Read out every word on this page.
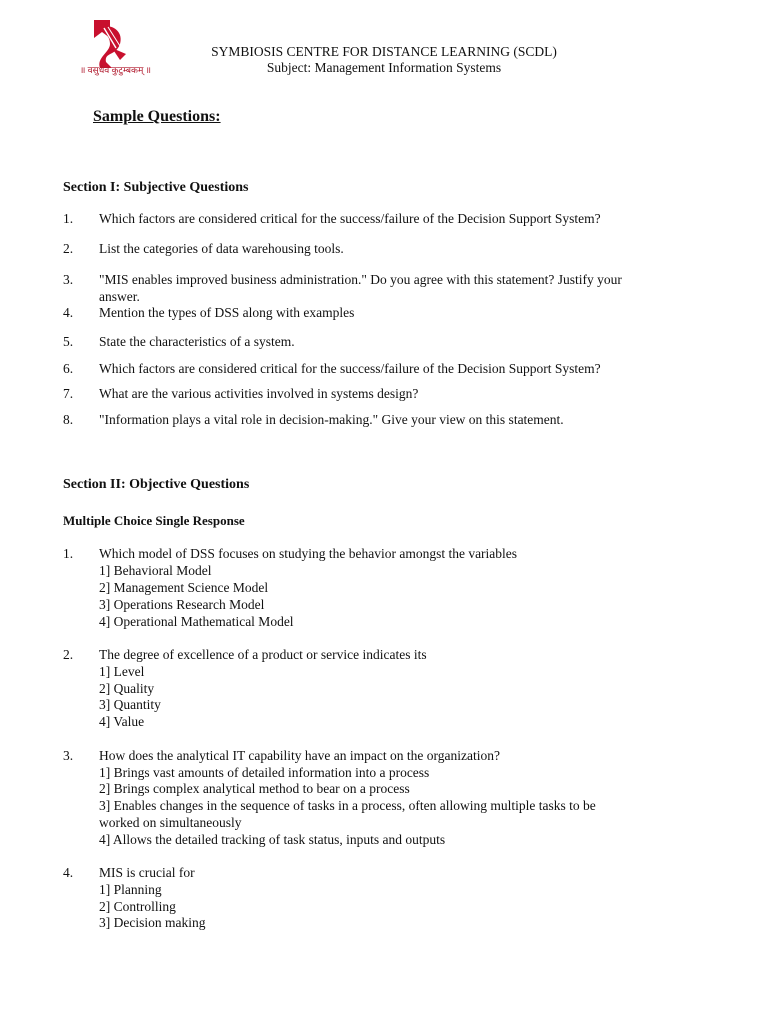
॥ वसुधैव कुटुम्बकम् ॥
SYMBIOSIS CENTRE FOR DISTANCE LEARNING (SCDL)
Subject: Management Information Systems
Sample Questions:
Section I: Subjective Questions
1. Which factors are considered critical for the success/failure of the Decision Support System?
2. List the categories of data warehousing tools.
3. "MIS enables improved business administration." Do you agree with this statement? Justify your
answer.
4. Mention the types of DSS along with examples
5. State the characteristics of a system.
6. Which factors are considered critical for the success/failure of the Decision Support System?
7. What are the various activities involved in systems design?
8. "Information plays a vital role in decision-making." Give your view on this statement.
Section II: Objective Questions
Multiple Choice Single Response
1. Which model of DSS focuses on studying the behavior amongst the variables
1] Behavioral Model
2] Management Science Model
3] Operations Research Model
4] Operational Mathematical Model
2. The degree of excellence of a product or service indicates its
1] Level
2] Quality
3] Quantity
4] Value
3. How does the analytical IT capability have an impact on the organization?
1] Brings vast amounts of detailed information into a process
2] Brings complex analytical method to bear on a process
3] Enables changes in the sequence of tasks in a process, often allowing multiple tasks to be
worked on simultaneously
4] Allows the detailed tracking of task status, inputs and outputs
4. MIS is crucial for
1] Planning
2] Controlling
3] Decision making
